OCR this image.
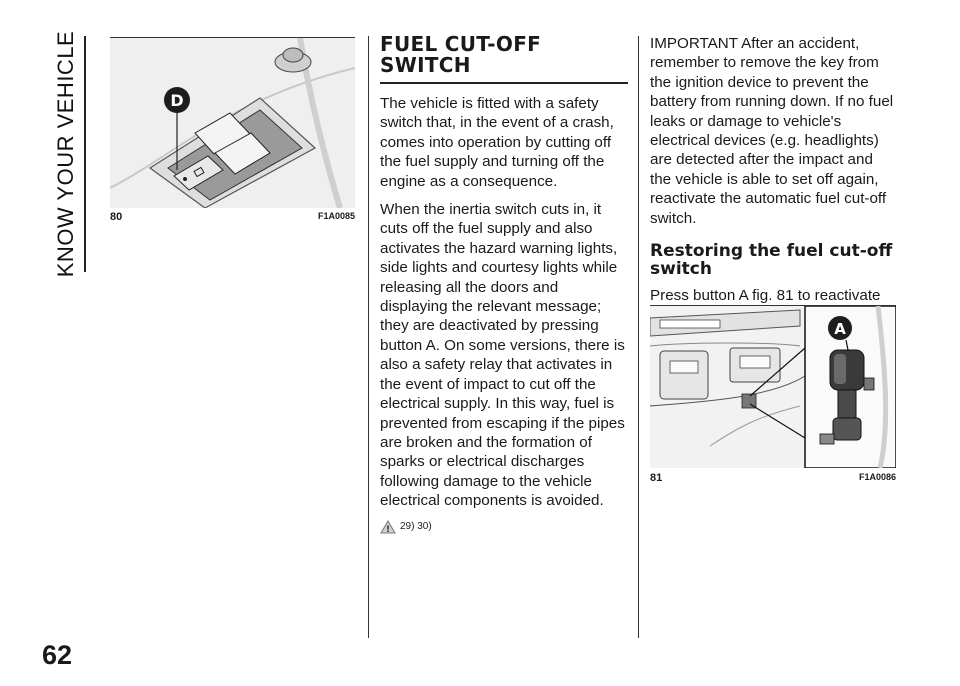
KNOW YOUR VEHICLE
62
D
80	F1A0085
FUEL CUT-OFF SWITCH

The vehicle is fitted with a safety switch that, in the event of a crash, comes into operation by cutting off the fuel supply and turning off the engine as a consequence.

When the inertia switch cuts in, it cuts off the fuel supply and also activates the hazard warning lights, side lights and courtesy lights while releasing all the doors and displaying the relevant message; they are deactivated by pressing button A. On some versions, there is also a safety relay that activates in the event of impact to cut off the electrical supply. In this way, fuel is prevented from escaping if the pipes are broken and the formation of sparks or electrical discharges following damage to the vehicle electrical components is avoided.

! 29) 30)

IMPORTANT After an accident, remember to remove the key from the ignition device to prevent the battery from running down. If no fuel leaks or damage to vehicle's electrical devices (e.g. headlights) are detected after the impact and the vehicle is able to set off again, reactivate the automatic fuel cut-off switch.

Restoring the fuel cut-off switch

Press button A fig. 81 to reactivate

A
81	F1A0086
